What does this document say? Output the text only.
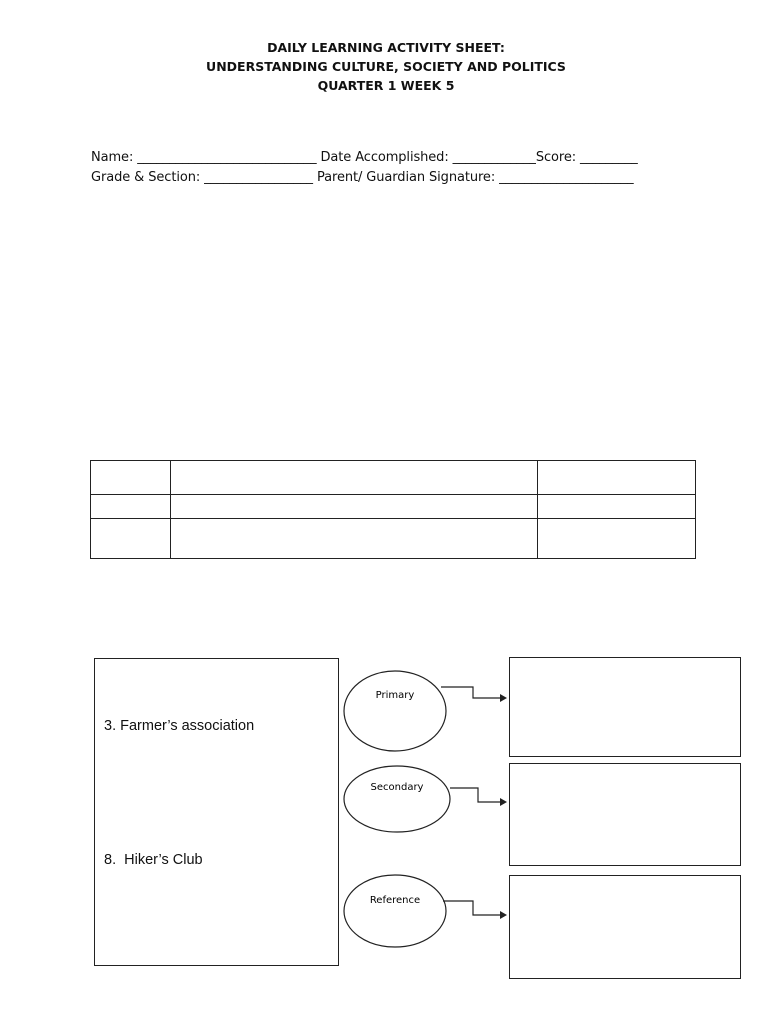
DAILY LEARNING ACTIVITY SHEET:
UNDERSTANDING CULTURE, SOCIETY AND POLITICS
QUARTER 1 WEEK 5
Name: ____________________________ Date Accomplished: _____________Score: _________
Grade & Section: _________________ Parent/ Guardian Signature: _____________________

3. Farmer’s association
8.  Hiker’s Club
Primary
Secondary
Reference
